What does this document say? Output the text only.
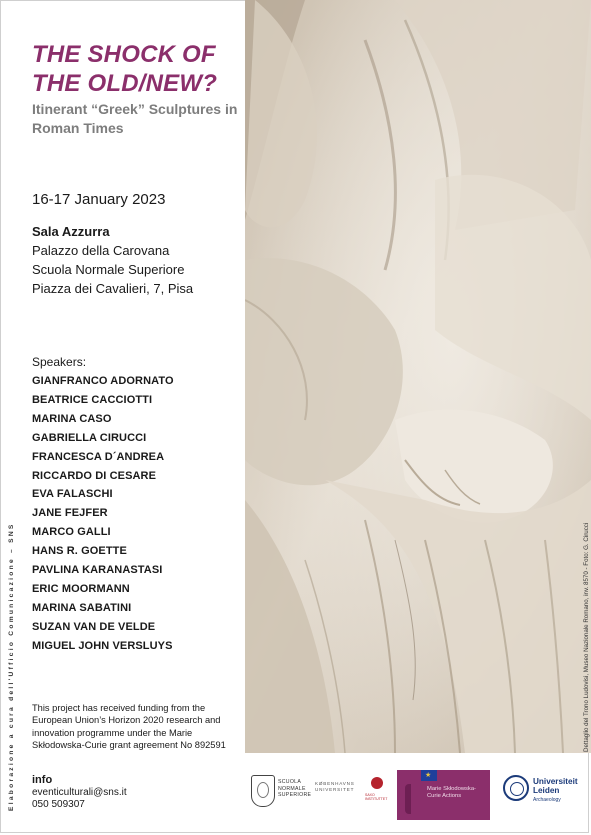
THE SHOCK OF THE OLD/NEW?
Itinerant “Greek” Sculptures in Roman Times
16-17 January 2023
Sala Azzurra
Palazzo della Carovana
Scuola Normale Superiore
Piazza dei Cavalieri, 7, Pisa
Speakers:
GIANFRANCO ADORNATO
BEATRICE CACCIOTTI
MARINA CASO
GABRIELLA CIRUCCI
FRANCESCA D´ANDREA
RICCARDO DI CESARE
EVA FALASCHI
JANE FEJFER
MARCO GALLI
HANS R. GOETTE
PAVLINA KARANASTASI
ERIC MOORMANN
MARINA SABATINI
SUZAN VAN DE VELDE
MIGUEL JOHN VERSLUYS
This project has received funding from the European Union’s Horizon 2020 research and innovation programme under the Marie Skłodowska-Curie grant agreement No 892591
info
eventiculturali@sns.it
050 509307
Elaborazione a cura dell'Ufficio Comunicazione – SNS	Dettaglio del Trono Ludovisi, Museo Nazionale Romano, inv. 8570 - Foto: G. Cirucci
SCUOLA NORMALE SUPERIORE
KØBENHAVNS UNIVERSITET
SAXO INSTITUTTET
★
Marie Skłodowska-Curie Actions
Universiteit Leiden
Archaeology
